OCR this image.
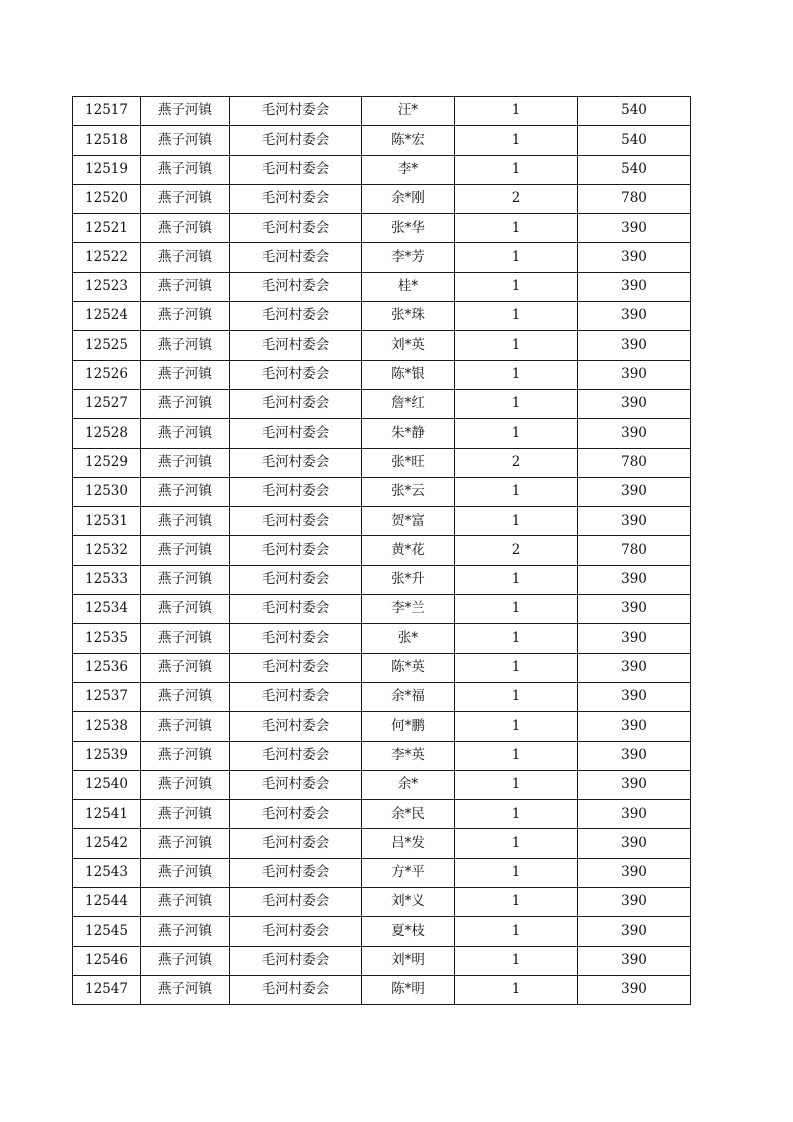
12517	燕子河镇	毛河村委会	汪*	1	540
12518	燕子河镇	毛河村委会	陈*宏	1	540
12519	燕子河镇	毛河村委会	李*	1	540
12520	燕子河镇	毛河村委会	余*刚	2	780
12521	燕子河镇	毛河村委会	张*华	1	390
12522	燕子河镇	毛河村委会	李*芳	1	390
12523	燕子河镇	毛河村委会	桂*	1	390
12524	燕子河镇	毛河村委会	张*珠	1	390
12525	燕子河镇	毛河村委会	刘*英	1	390
12526	燕子河镇	毛河村委会	陈*银	1	390
12527	燕子河镇	毛河村委会	詹*红	1	390
12528	燕子河镇	毛河村委会	朱*静	1	390
12529	燕子河镇	毛河村委会	张*旺	2	780
12530	燕子河镇	毛河村委会	张*云	1	390
12531	燕子河镇	毛河村委会	贺*富	1	390
12532	燕子河镇	毛河村委会	黄*花	2	780
12533	燕子河镇	毛河村委会	张*升	1	390
12534	燕子河镇	毛河村委会	李*兰	1	390
12535	燕子河镇	毛河村委会	张*	1	390
12536	燕子河镇	毛河村委会	陈*英	1	390
12537	燕子河镇	毛河村委会	余*福	1	390
12538	燕子河镇	毛河村委会	何*鹏	1	390
12539	燕子河镇	毛河村委会	李*英	1	390
12540	燕子河镇	毛河村委会	余*	1	390
12541	燕子河镇	毛河村委会	余*民	1	390
12542	燕子河镇	毛河村委会	吕*发	1	390
12543	燕子河镇	毛河村委会	方*平	1	390
12544	燕子河镇	毛河村委会	刘*义	1	390
12545	燕子河镇	毛河村委会	夏*枝	1	390
12546	燕子河镇	毛河村委会	刘*明	1	390
12547	燕子河镇	毛河村委会	陈*明	1	390
